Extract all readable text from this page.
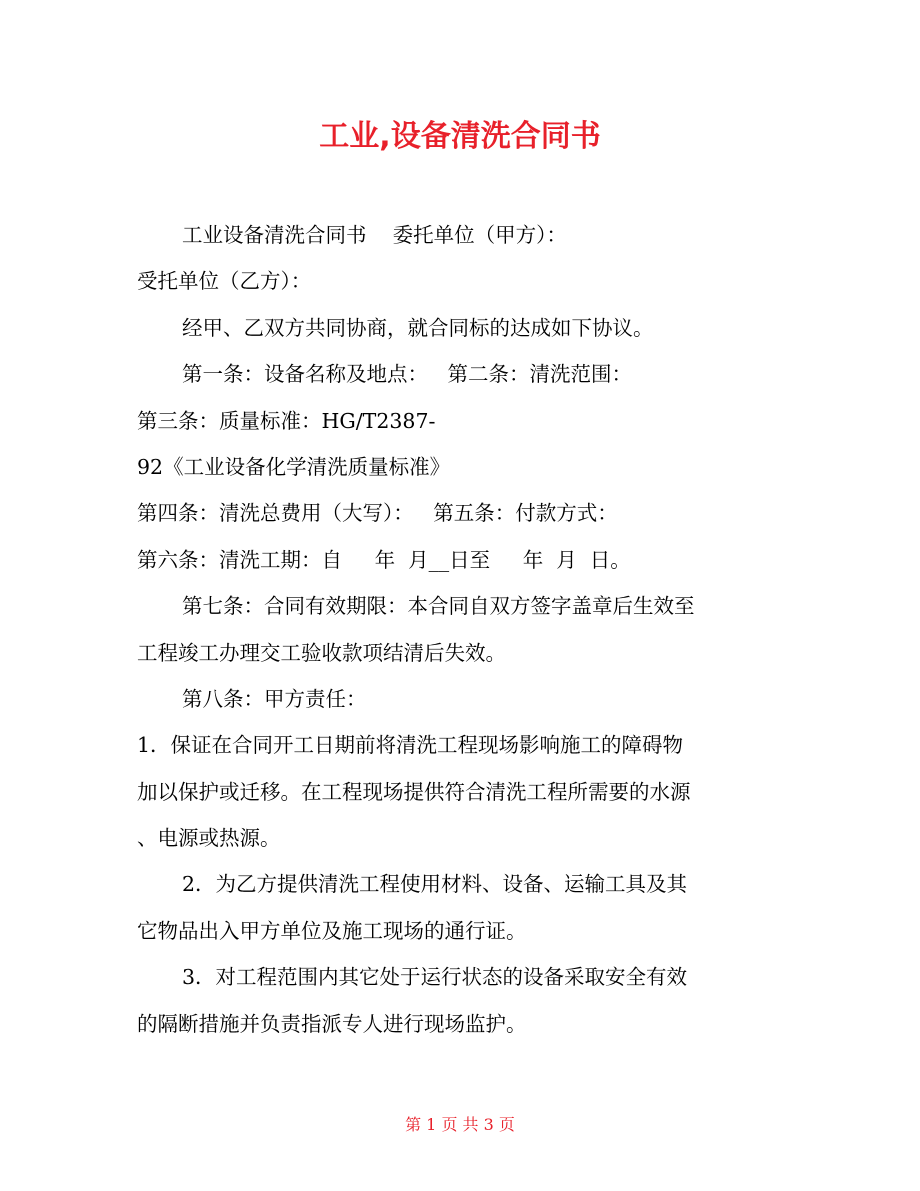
工业,设备清洗合同书
工业设备清洗合同书    委托单位（甲方）：
受托单位（乙方）：
经甲、乙双方共同协商，就合同标的达成如下协议。
第一条：设备名称及地点：   第二条：清洗范围：
第三条：质量标准：HG/T2387-
92《工业设备化学清洗质量标准》
第四条：清洗总费用（大写）：   第五条：付款方式：
第六条：清洗工期：自     年  月__日至     年  月  日。
第七条：合同有效期限：本合同自双方签字盖章后生效至
工程竣工办理交工验收款项结清后失效。
第八条：甲方责任：
1．保证在合同开工日期前将清洗工程现场影响施工的障碍物
加以保护或迁移。在工程现场提供符合清洗工程所需要的水源
、电源或热源。
2．为乙方提供清洗工程使用材料、设备、运输工具及其
它物品出入甲方单位及施工现场的通行证。
3．对工程范围内其它处于运行状态的设备采取安全有效
的隔断措施并负责指派专人进行现场监护。
第 1 页 共 3 页
